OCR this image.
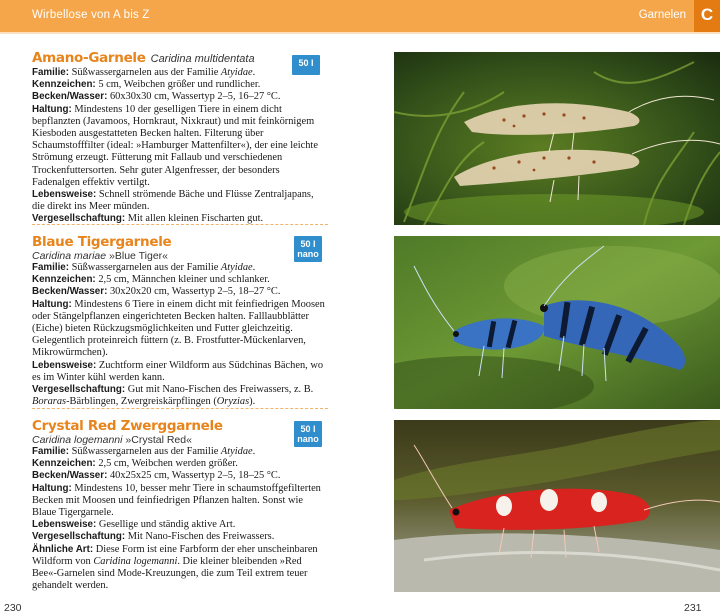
Wirbellose von A bis Z	Garnelen C
Amano-Garnele Caridina multidentata

Familie: Süßwassergarnelen aus der Familie Atyidae.

Kennzeichen: 5 cm, Weibchen größer und rundlicher.

Becken/Wasser: 60x30x30 cm, Wassertyp 2–5, 16–27 °C.

Haltung: Mindestens 10 der geselligen Tiere in einem dicht bepflanzten (Javamoos, Hornkraut, Nixkraut) und mit feinkörnigem Kiesboden ausgestatteten Becken halten. Filterung über Schaumstofffilter (ideal: »Hamburger Mattenfilter«), der eine leichte Strömung erzeugt. Fütterung mit Fallaub und verschiedenen Trockenfuttersorten. Sehr guter Algenfresser, der besonders Fadenalgen effektiv vertilgt.

Lebensweise: Schnell strömende Bäche und Flüsse Zentraljapans, die direkt ins Meer münden.

Vergesellschaftung: Mit allen kleinen Fischarten gut.

50 l
Blaue Tigergarnele
Caridina mariae »Blue Tiger«

Familie: Süßwassergarnelen aus der Familie Atyidae.

Kennzeichen: 2,5 cm, Männchen kleiner und schlanker.

Becken/Wasser: 30x20x20 cm, Wassertyp 2–5, 18–27 °C.

Haltung: Mindestens 6 Tiere in einem dicht mit feinfiedrigen Moosen oder Stängelpflanzen eingerichteten Becken halten. Falllaubblätter (Eiche) bieten Rückzugsmöglichkeiten und Futter gleichzeitig. Gelegentlich proteinreich füttern (z. B. Frostfutter-Mückenlarven, Mikrowürmchen).

Lebensweise: Zuchtform einer Wildform aus Südchinas Bächen, wo es im Winter kühl werden kann.

Vergesellschaftung: Gut mit Nano-Fischen des Freiwassers, z. B. Boraras-Bärblingen, Zwergreiskärpflingen (Oryzias).

50 l
nano
Crystal Red Zwerggarnele
Caridina logemanni »Crystal Red«

Familie: Süßwassergarnelen aus der Familie Atyidae.

Kennzeichen: 2,5 cm, Weibchen werden größer.

Becken/Wasser: 40x25x25 cm, Wassertyp 2–5, 18–25 °C.

Haltung: Mindestens 10, besser mehr Tiere in schaumstoffgefilterten Becken mit Moosen und feinfiedrigen Pflanzen halten. Sonst wie Blaue Tigergarnele.

Lebensweise: Gesellige und ständig aktive Art.

Vergesellschaftung: Mit Nano-Fischen des Freiwassers.

Ähnliche Art: Diese Form ist eine Farbform der eher unscheinbaren Wildform von Caridina logemanni. Die kleiner bleibenden »Red Bee«-Garnelen sind Mode-Kreuzungen, die zum Teil extrem teuer gehandelt werden.

50 l
nano
230	231
